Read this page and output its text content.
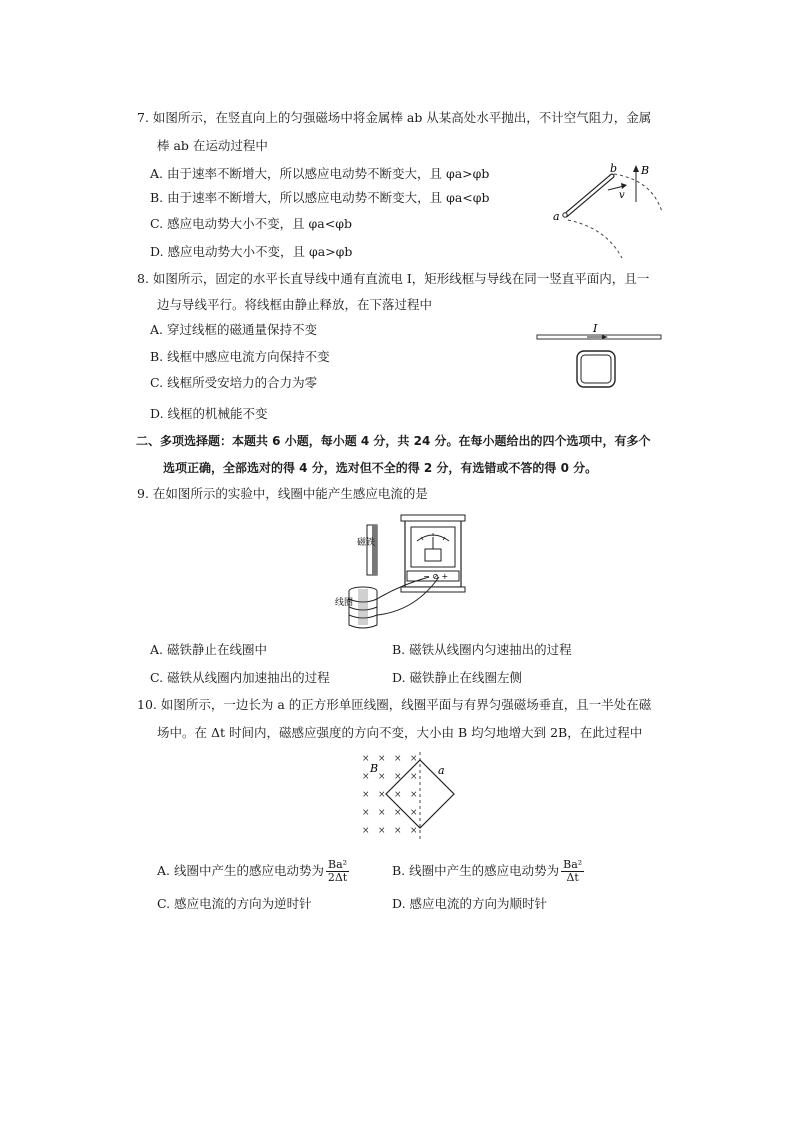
7. 如图所示，在竖直向上的匀强磁场中将金属棒 ab 从某高处水平抛出，不计空气阻力，金属
棒 ab 在运动过程中
A. 由于速率不断增大，所以感应电动势不断变大，且 φa>φb
B. 由于速率不断增大，所以感应电动势不断变大，且 φa<φb
C. 感应电动势大小不变，且 φa<φb
D. 感应电动势大小不变，且 φa>φb
a
b
v
B
8. 如图所示，固定的水平长直导线中通有直流电 I，矩形线框与导线在同一竖直平面内，且一
边与导线平行。将线框由静止释放，在下落过程中
A. 穿过线框的磁通量保持不变
B. 线框中感应电流方向保持不变
C. 线框所受安培力的合力为零
D. 线框的机械能不变
I
二、多项选择题：本题共 6 小题，每小题 4 分，共 24 分。在每小题给出的四个选项中，有多个
选项正确，全部选对的得 4 分，选对但不全的得 2 分，有选错或不答的得 0 分。
9. 在如图所示的实验中，线圈中能产生感应电流的是
磁铁
− ⊘ +
线圈
A. 磁铁静止在线圈中	B. 磁铁从线圈内匀速抽出的过程
C. 磁铁从线圈内加速抽出的过程	D. 磁铁静止在线圈左侧
10. 如图所示，一边长为 a 的正方形单匝线圈，线圈平面与有界匀强磁场垂直，且一半处在磁
场中。在 Δt 时间内，磁感应强度的方向不变，大小由 B 均匀地增大到 2B，在此过程中
× × × ×
× × × ×
× × × ×
× × × ×
× × × ×
B	a
A. 线圈中产生的感应电动势为 $\frac{\text{Ba²}}{2\Delta t}$	B. 线圈中产生的感应电动势为 $\frac{\text{Ba²}}{\Delta t}$
C. 感应电流的方向为逆时针	D. 感应电流的方向为顺时针
